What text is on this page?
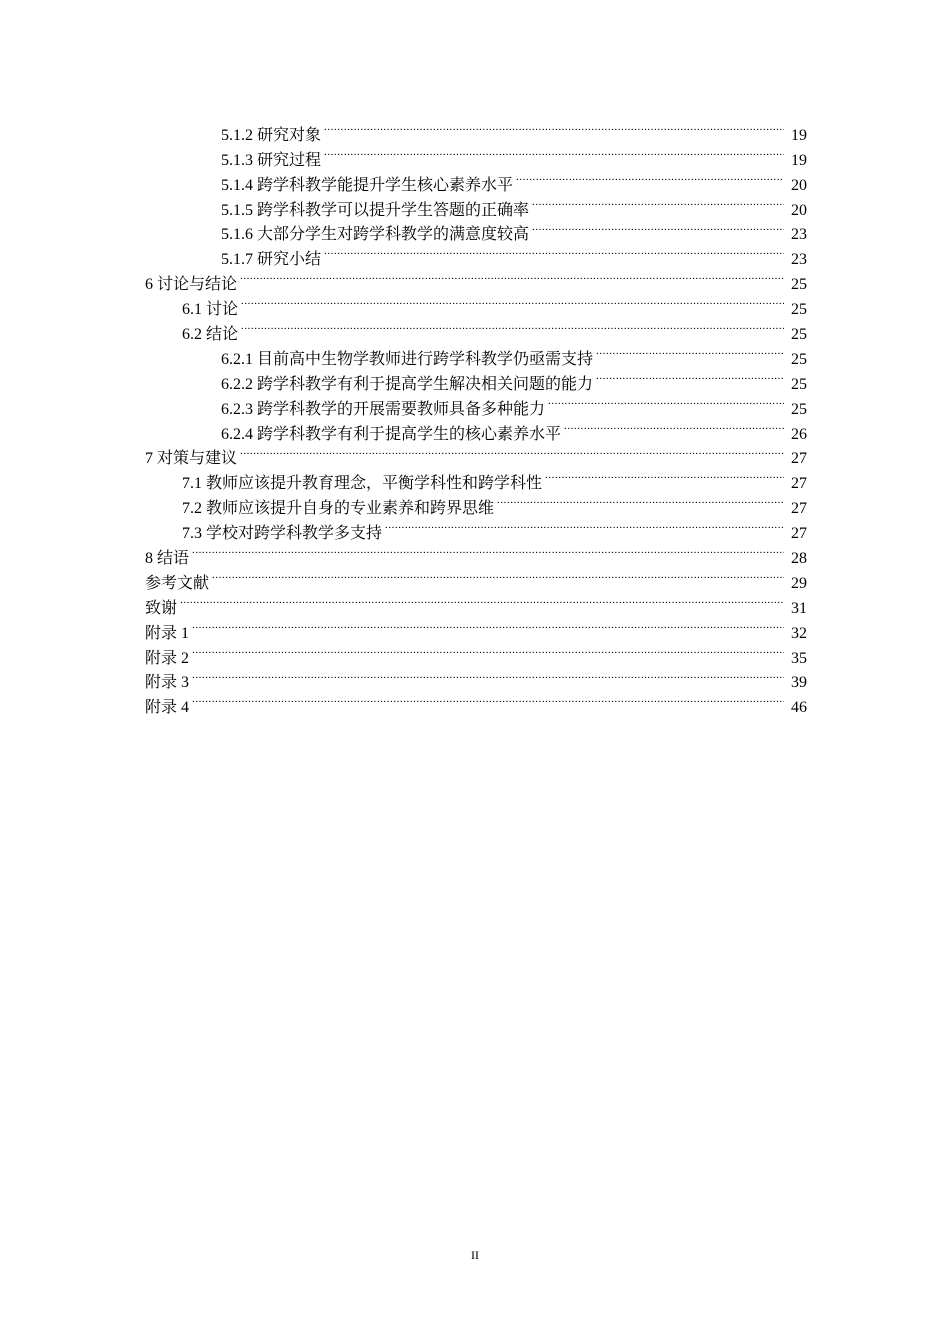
5.1.2 研究对象 . . .	19
5.1.3 研究过程 . . .	19
5.1.4 跨学科教学能提升学生核心素养水平 . . .	20
5.1.5 跨学科教学可以提升学生答题的正确率 . . .	20
5.1.6 大部分学生对跨学科教学的满意度较高 . . .	23
5.1.7 研究小结 . . .	23
6 讨论与结论 . . .	25
6.1 讨论 . . .	25
6.2 结论 . . .	25
6.2.1 目前高中生物学教师进行跨学科教学仍亟需支持 . . .	25
6.2.2 跨学科教学有利于提高学生解决相关问题的能力 . . .	25
6.2.3 跨学科教学的开展需要教师具备多种能力 . . .	25
6.2.4 跨学科教学有利于提高学生的核心素养水平 . . .	26
7 对策与建议 . . .	27
7.1 教师应该提升教育理念，平衡学科性和跨学科性 . . .	27
7.2 教师应该提升自身的专业素养和跨界思维 . . .	27
7.3 学校对跨学科教学多支持 . . .	27
8 结语 . . .	28
参考文献 . . .	29
致谢 . . .	31
附录 1 . . .	32
附录 2 . . .	35
附录 3 . . .	39
附录 4 . . .	46
II
